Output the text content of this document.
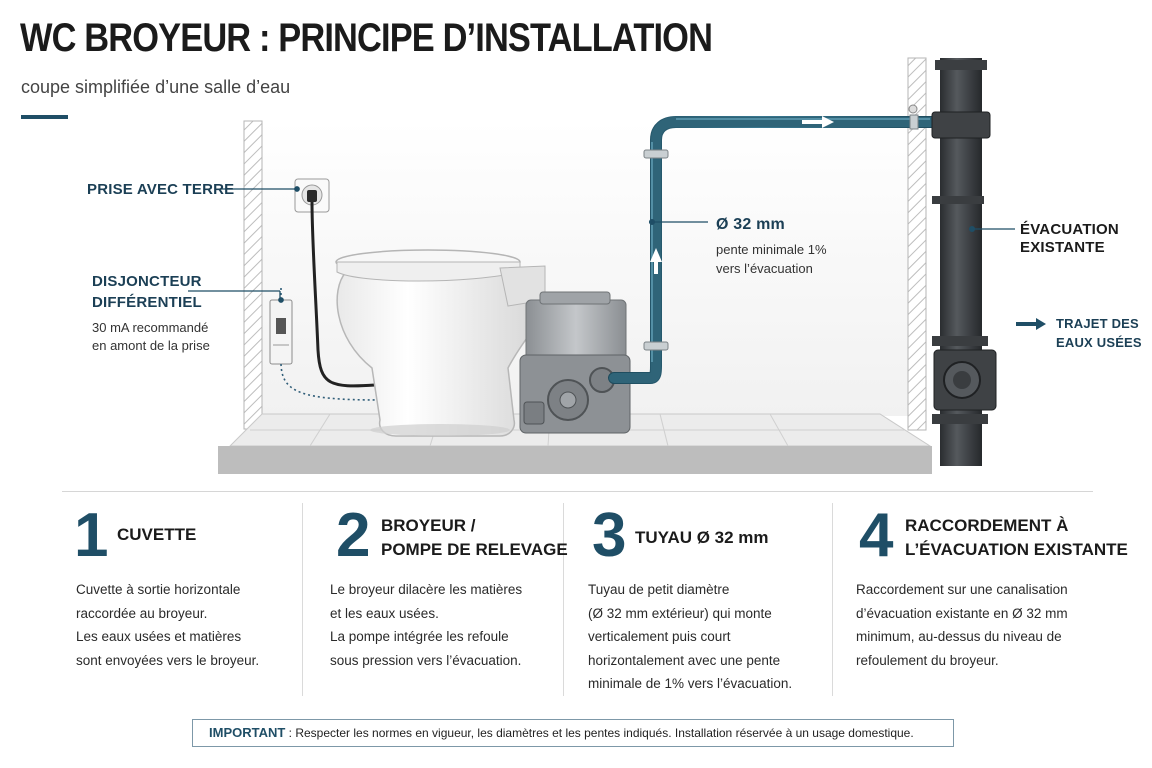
WC BROYEUR : PRINCIPE D’INSTALLATION
coupe simplifiée d’une salle d’eau
PRISE AVEC TERRE
DISJONCTEUR
DIFFÉRENTIEL
30 mA recommandé
en amont de la prise
Ø 32 mm
pente minimale 1%
vers l’évacuation
ÉVACUATION
EXISTANTE
TRAJET DES
EAUX USÉES
1 CUVETTE

Cuvette à sortie horizontale

raccordée au broyeur.

Les eaux usées et matières

sont envoyées vers le broyeur.

2 BROYEUR /
POMPE DE RELEVAGE

Le broyeur dilacère les matières

et les eaux usées.

La pompe intégrée les refoule

sous pression vers l’évacuation.

3 TUYAU Ø 32 mm

Tuyau de petit diamètre

(Ø 32 mm extérieur) qui monte

verticalement puis court

horizontalement avec une pente

minimale de 1% vers l’évacuation.

4 RACCORDEMENT À
L’ÉVACUATION EXISTANTE

Raccordement sur une canalisation

d’évacuation existante en Ø 32 mm

minimum, au-dessus du niveau de

refoulement du broyeur.

IMPORTANT : Respecter les normes en vigueur, les diamètres et les pentes indiqués. Installation réservée à un usage domestique.
